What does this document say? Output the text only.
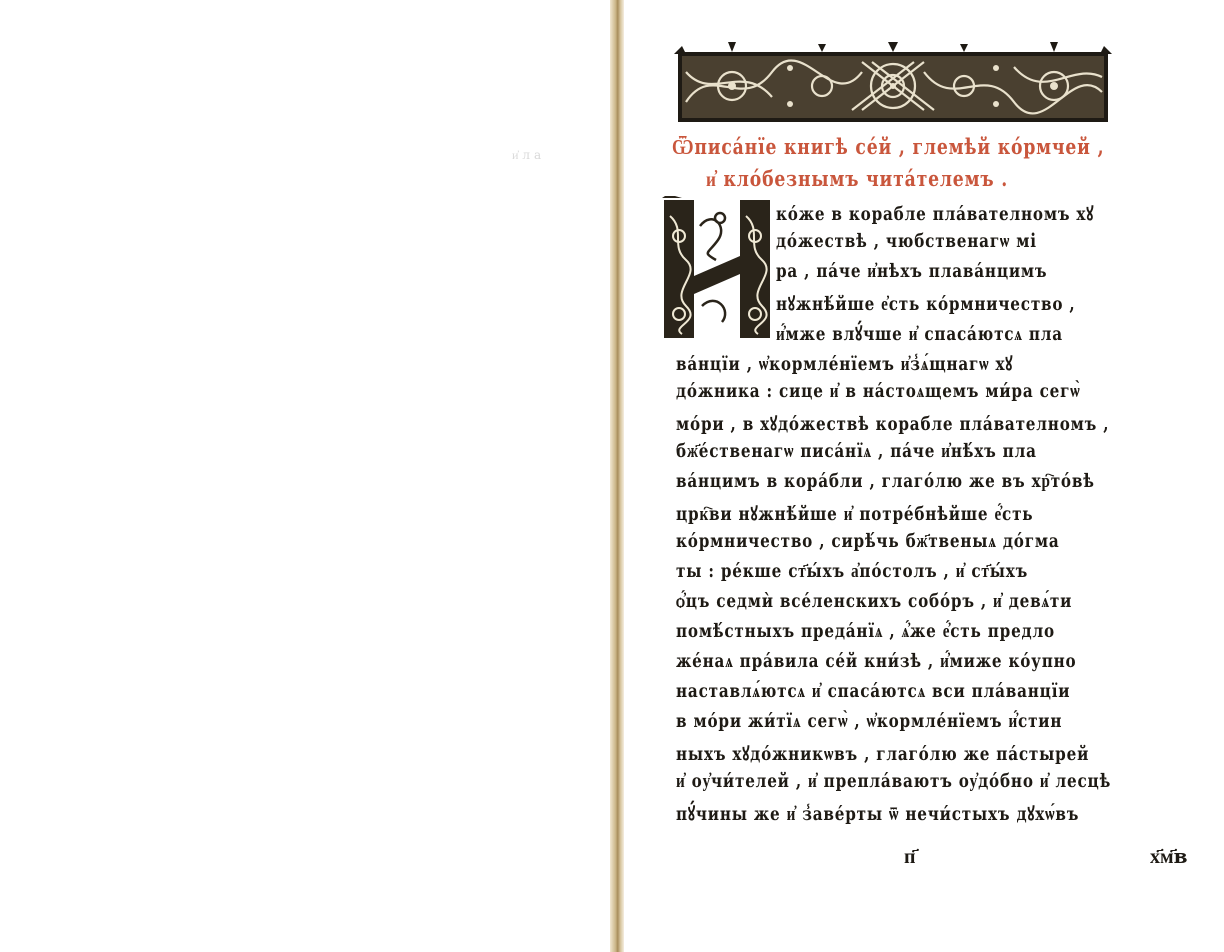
и҆ла	Ѿписа́нїе книгѣ се́й , глемѣй ко́рмчей ,
и҆ кло́безнымъ чита́телемъ .
ко́же в корабле пла́вателномъ хꙋ
до́жествѣ , чюбственагѡ мі
ра , па́че и҆нѣхъ плава́нцимъ
нꙋжнѣ́йше е҆сть ко́рмничество ,
и҆́мже влꙋ́чше и҆ спаса́ютсѧ пла
ва́нцїи , ѡ҆кормле́нїемъ и҆з̾ѧ́щнагѡ хꙋ
до́жника : сице и҆ в на́стоѧщемъ ми́ра сегѡ̀
мо́ри , в хꙋдо́жествѣ корабле пла́вателномъ ,
бж҃е́ственагѡ писа́нїѧ , па́че и҆нѣ́хъ пла
ва́нцимъ в кора́бли , глаго́лю же въ хр҇то́вѣ
црк҇ви нꙋжнѣ́йше и҆ потре́бнѣйше е҆́сть
ко́рмничество , сирѣ́чь бж҃твеныѧ до́гма
ты : ре́кше ст҃ы́хъ а҆по́столъ , и҆ ст҃ы́хъ
ѻ҆́цъ седмѝ все́ленскихъ собо́ръ , и҆ девѧ́ти
помѣ́стныхъ преда́нїѧ , ѧ҆́же е҆́сть предло
же́наѧ пра́вила се́й кни́зѣ , и҆́миже ко́упно
наставлѧ́ютсѧ и҆ спаса́ютсѧ вси пла́ванцїи
в мо́ри жи́тїѧ сегѡ̀ , ѡ҆кормле́нїемъ и҆́стин
ныхъ хꙋдо́жникѡвъ , глаго́лю же па́стырей
и҆ оу҆чи́телей , и҆ препла́ваютъ оу҆до́бно и҆ лесцѣ
пꙋ́чины же и҆ з̾аве́рты ѿ нечи́стыхъ дꙋхѡ́въ
п҃	х҃м҃в
